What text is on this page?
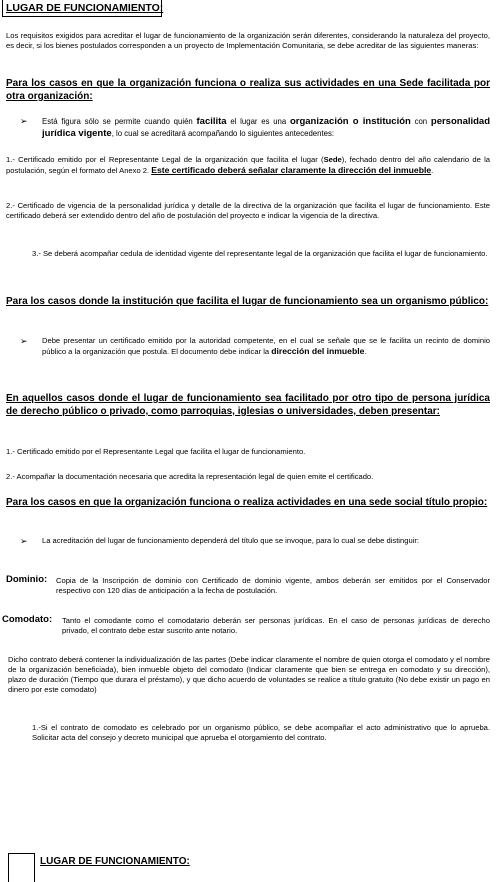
LUGAR DE FUNCIONAMIENTO:
Los requisitos exigidos para acreditar el lugar de funcionamiento de la organización serán diferentes, considerando la naturaleza del proyecto, es decir, si los bienes postulados corresponden a un proyecto de Implementación Comunitaria, se debe acreditar de las siguientes maneras:
Para los casos en que la organización funciona o realiza sus actividades en una Sede facilitada por otra organización:
➢ Está figura sólo se permite cuando quién facilita el lugar es una organización o institución con personalidad jurídica vigente, lo cual se acreditará acompañando lo siguientes antecedentes:
1.- Certificado emitido por el Representante Legal de la organización que facilita el lugar (Sede), fechado dentro del año calendario de la postulación, según el formato del Anexo 2. Este certificado deberá señalar claramente la dirección del inmueble.
2.- Certificado de vigencia de la personalidad jurídica y detalle de la directiva de la organización que facilita el lugar de funcionamiento. Este certificado deberá ser extendido dentro del año de postulación del proyecto e indicar la vigencia de la directiva.
3.- Se deberá acompañar cedula de identidad vigente del representante legal de la organización que facilita el lugar de funcionamiento.
Para los casos donde la institución que facilita el lugar de funcionamiento sea un organismo público:
➢ Debe presentar un certificado emitido por la autoridad competente, en el cual se señale que se le facilita un recinto de dominio público a la organización que postula. El documento debe indicar la dirección del inmueble.
En aquellos casos donde el lugar de funcionamiento sea facilitado por otro tipo de persona jurídica de derecho público o privado, como parroquias, iglesias o universidades, deben presentar:
1.- Certificado emitido por el Representante Legal que facilita el lugar de funcionamiento.
2.- Acompañar la documentación necesaria que acredita la representación legal de quien emite el certificado.
Para los casos en que la organización funciona o realiza actividades en una sede social título propio:
➢ La acreditación del lugar de funcionamiento dependerá del título que se invoque, para lo cual se debe distinguir:
Dominio: Copia de la Inscripción de dominio con Certificado de dominio vigente, ambos deberán ser emitidos por el Conservador respectivo con 120 días de anticipación a la fecha de postulación.
Comodato: Tanto el comodante como el comodatario deberán ser personas jurídicas. En el caso de personas jurídicas de derecho privado, el contrato debe estar suscrito ante notario.
Dicho contrato deberá contener la individualización de las partes (Debe indicar claramente el nombre de quien otorga el comodato y el nombre de la organización beneficiada), bien inmueble objeto del comodato (Indicar claramente que bien se entrega en comodato y su dirección), plazo de duración (Tiempo que durara el préstamo), y que dicho acuerdo de voluntades se realice a título gratuito (No debe existir un pago en dinero por este comodato)
1.-Si el contrato de comodato es celebrado por un organismo público, se debe acompañar el acto administrativo que lo aprueba. Solicitar acta del consejo y decreto municipal que aprueba el otorgamiento del contrato.
LUGAR DE FUNCIONAMIENTO:
